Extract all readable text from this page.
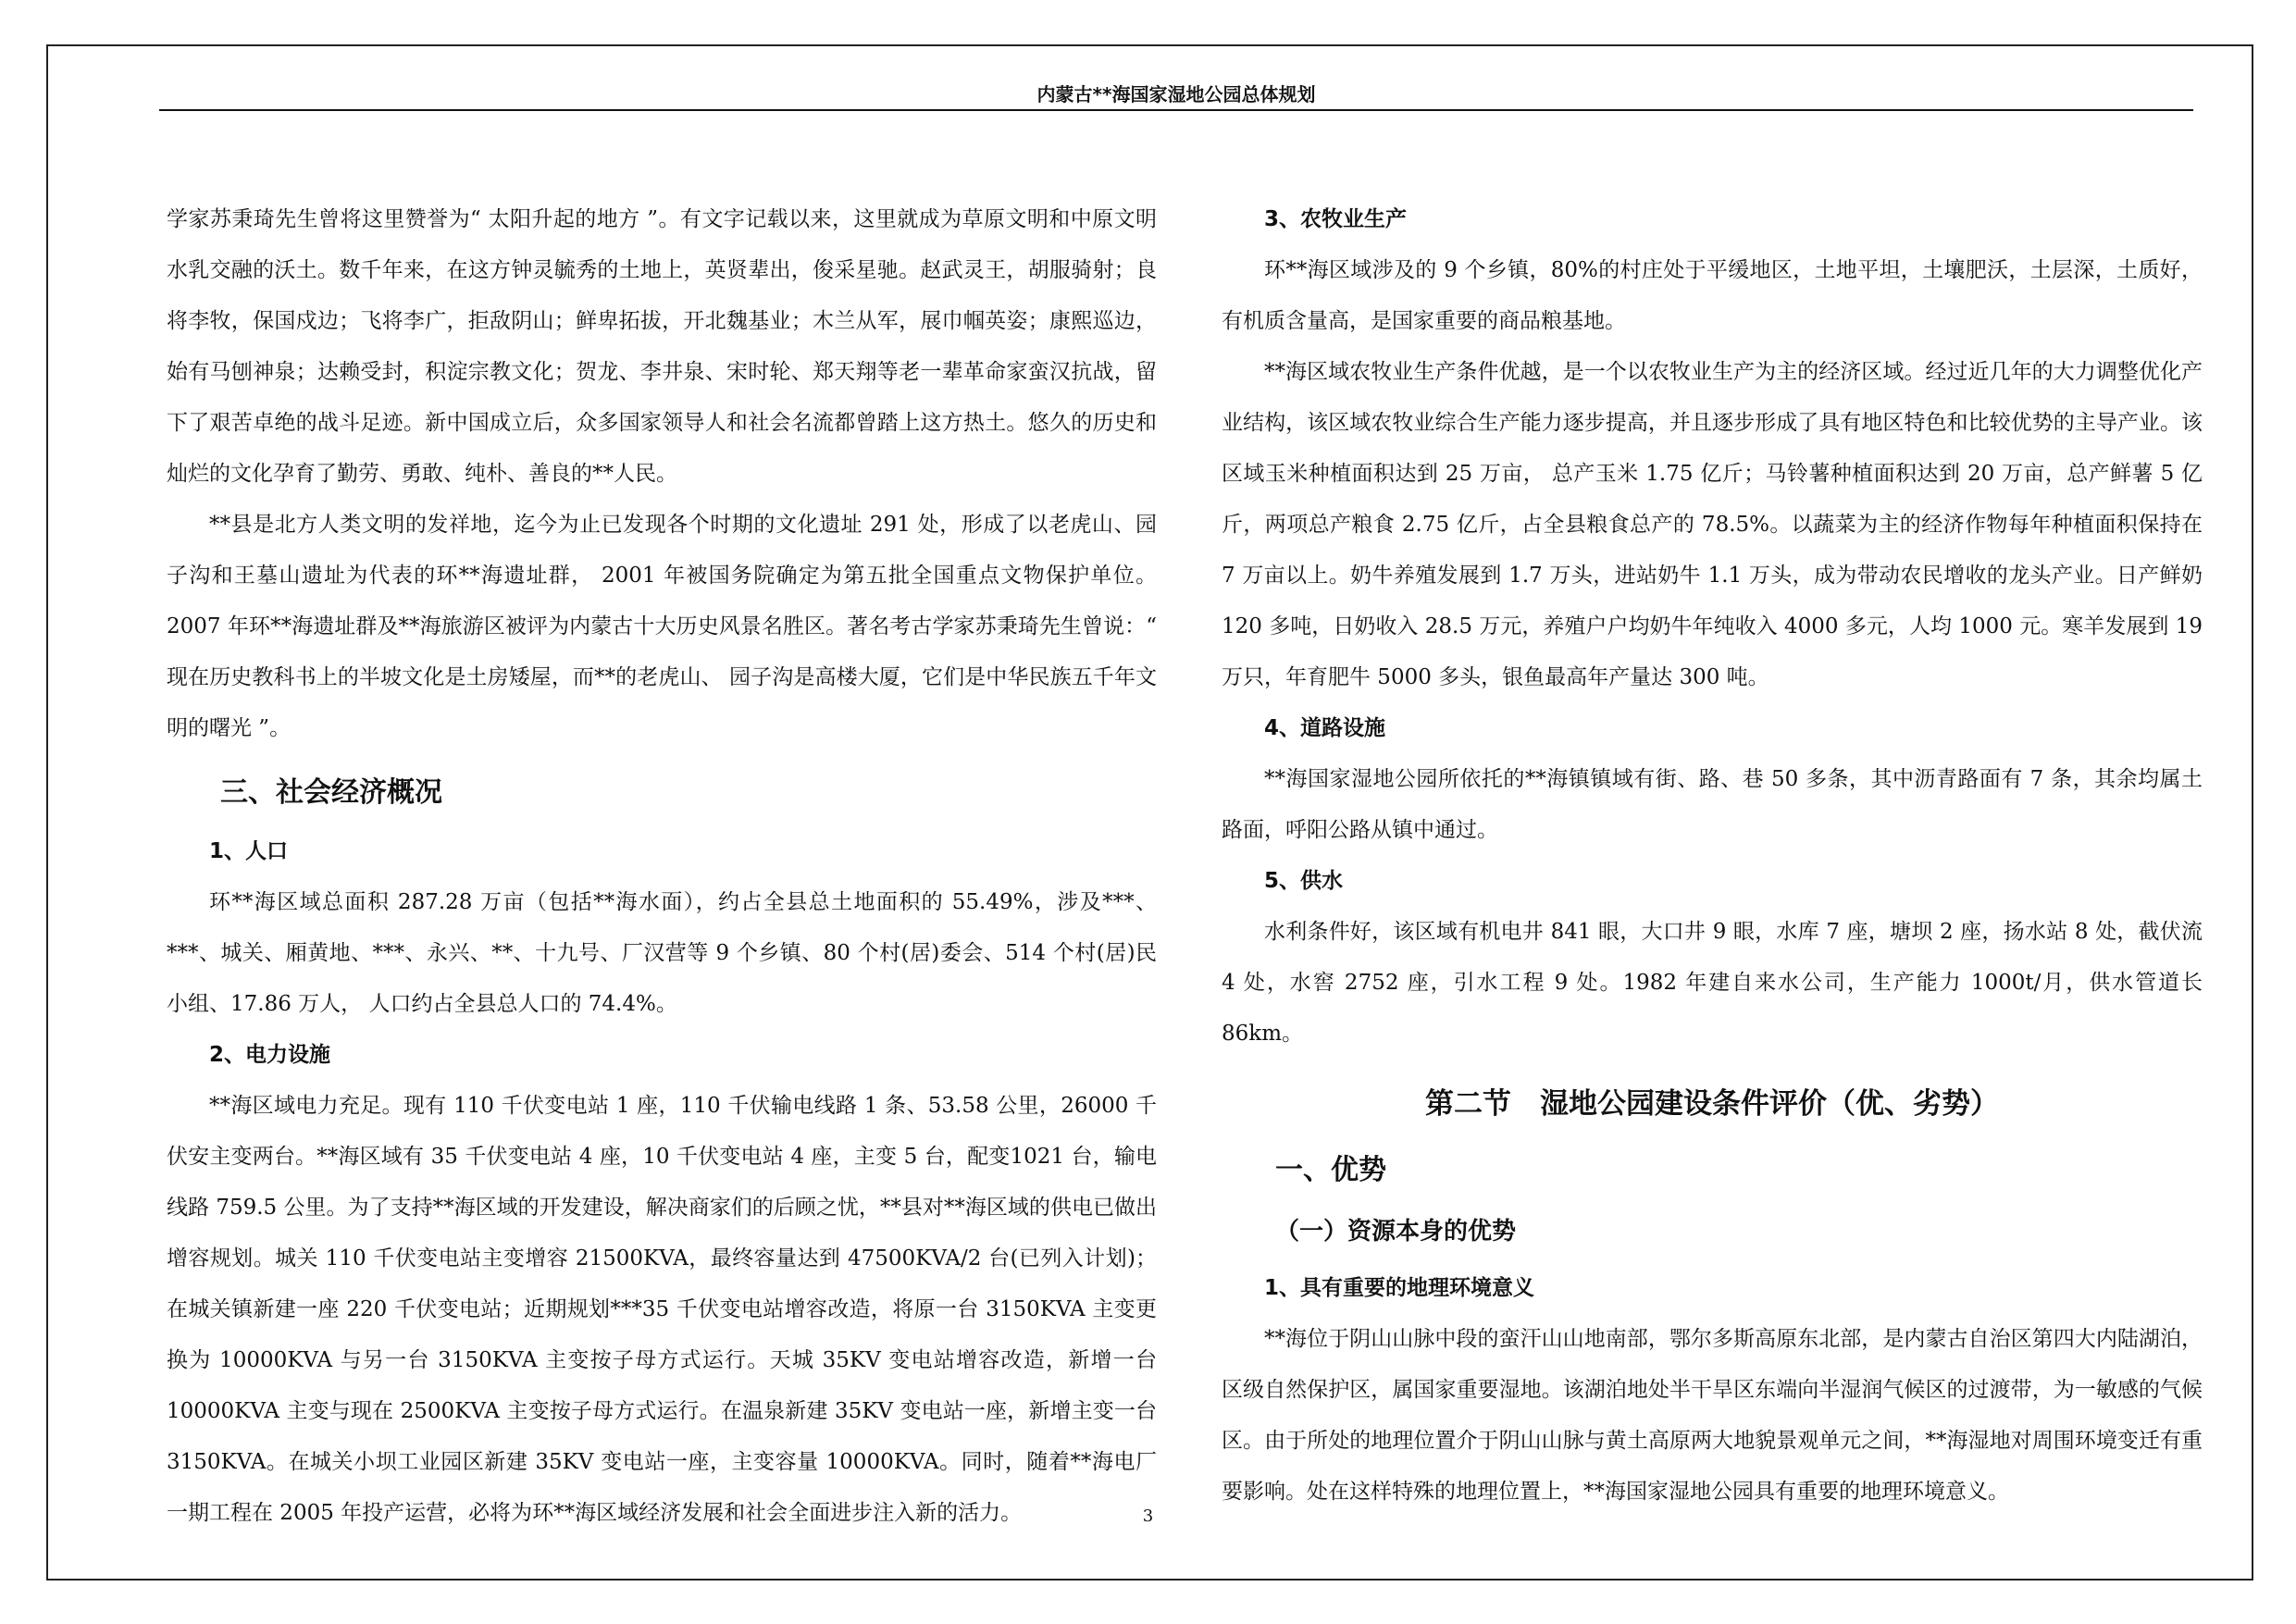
内蒙古**海国家湿地公园总体规划

学家苏秉琦先生曾将这里赞誉为“ 太阳升起的地方 ”。有文字记载以来，这里就成为草原文明和中原文明水乳交融的沃土。数千年来，在这方钟灵毓秀的土地上，英贤辈出，俊采星驰。赵武灵王，胡服骑射；良将李牧，保国戍边；飞将李广，拒敌阴山；鲜卑拓拔，开北魏基业；木兰从军，展巾帼英姿；康熙巡边，始有马刨神泉；达赖受封，积淀宗教文化；贺龙、李井泉、宋时轮、郑天翔等老一辈革命家蛮汉抗战，留下了艰苦卓绝的战斗足迹。新中国成立后，众多国家领导人和社会名流都曾踏上这方热土。悠久的历史和灿烂的文化孕育了勤劳、勇敢、纯朴、善良的**人民。

**县是北方人类文明的发祥地，迄今为止已发现各个时期的文化遗址 291 处，形成了以老虎山、园子沟和王墓山遗址为代表的环**海遗址群， 2001 年被国务院确定为第五批全国重点文物保护单位。2007 年环**海遗址群及**海旅游区被评为内蒙古十大历史风景名胜区。著名考古学家苏秉琦先生曾说：“ 现在历史教科书上的半坡文化是土房矮屋，而**的老虎山、 园子沟是高楼大厦，它们是中华民族五千年文明的曙光 ”。

三、社会经济概况
1、人口

环**海区域总面积 287.28 万亩（包括**海水面），约占全县总土地面积的 55.49%，涉及***、***、城关、厢黄地、***、永兴、**、十九号、厂汉营等 9 个乡镇、80 个村(居)委会、514 个村(居)民小组、17.86 万人， 人口约占全县总人口的 74.4%。

2、电力设施

**海区域电力充足。现有 110 千伏变电站 1 座，110 千伏输电线路 1 条、53.58 公里，26000 千伏安主变两台。**海区域有 35 千伏变电站 4 座，10 千伏变电站 4 座，主变 5 台，配变1021 台，输电线路 759.5 公里。为了支持**海区域的开发建设，解决商家们的后顾之忧，**县对**海区域的供电已做出增容规划。城关 110 千伏变电站主变增容 21500KVA，最终容量达到 47500KVA/2 台(已列入计划)；在城关镇新建一座 220 千伏变电站；近期规划***35 千伏变电站增容改造，将原一台 3150KVA 主变更换为 10000KVA 与另一台 3150KVA 主变按子母方式运行。天城 35KV 变电站增容改造，新增一台 10000KVA 主变与现在 2500KVA 主变按子母方式运行。在温泉新建 35KV 变电站一座，新增主变一台 3150KVA。在城关小坝工业园区新建 35KV 变电站一座，主变容量 10000KVA。同时，随着**海电厂一期工程在 2005 年投产运营，必将为环**海区域经济发展和社会全面进步注入新的活力。

3、农牧业生产

环**海区域涉及的 9 个乡镇，80%的村庄处于平缓地区，土地平坦，土壤肥沃，土层深，土质好，有机质含量高，是国家重要的商品粮基地。

**海区域农牧业生产条件优越，是一个以农牧业生产为主的经济区域。经过近几年的大力调整优化产业结构，该区域农牧业综合生产能力逐步提高，并且逐步形成了具有地区特色和比较优势的主导产业。该区域玉米种植面积达到 25 万亩， 总产玉米 1.75 亿斤；马铃薯种植面积达到 20 万亩，总产鲜薯 5 亿斤，两项总产粮食 2.75 亿斤，占全县粮食总产的 78.5%。以蔬菜为主的经济作物每年种植面积保持在 7 万亩以上。奶牛养殖发展到 1.7 万头，进站奶牛 1.1 万头，成为带动农民增收的龙头产业。日产鲜奶 120 多吨，日奶收入 28.5 万元，养殖户户均奶牛年纯收入 4000 多元，人均 1000 元。寒羊发展到 19 万只，年育肥牛 5000 多头，银鱼最高年产量达 300 吨。

4、道路设施

**海国家湿地公园所依托的**海镇镇域有街、路、巷 50 多条，其中沥青路面有 7 条，其余均属土路面，呼阳公路从镇中通过。

5、供水

水利条件好，该区域有机电井 841 眼，大口井 9 眼，水库 7 座，塘坝 2 座，扬水站 8 处，截伏流 4 处，水窖 2752 座，引水工程 9 处。1982 年建自来水公司，生产能力 1000t/月，供水管道长 86km。

第二节　湿地公园建设条件评价（优、劣势）
一、优势
（一）资源本身的优势
1、具有重要的地理环境意义

**海位于阴山山脉中段的蛮汗山山地南部，鄂尔多斯高原东北部，是内蒙古自治区第四大内陆湖泊，区级自然保护区，属国家重要湿地。该湖泊地处半干旱区东端向半湿润气候区的过渡带，为一敏感的气候区。由于所处的地理位置介于阴山山脉与黄土高原两大地貌景观单元之间，**海湿地对周围环境变迁有重要影响。处在这样特殊的地理位置上，**海国家湿地公园具有重要的地理环境意义。

3
